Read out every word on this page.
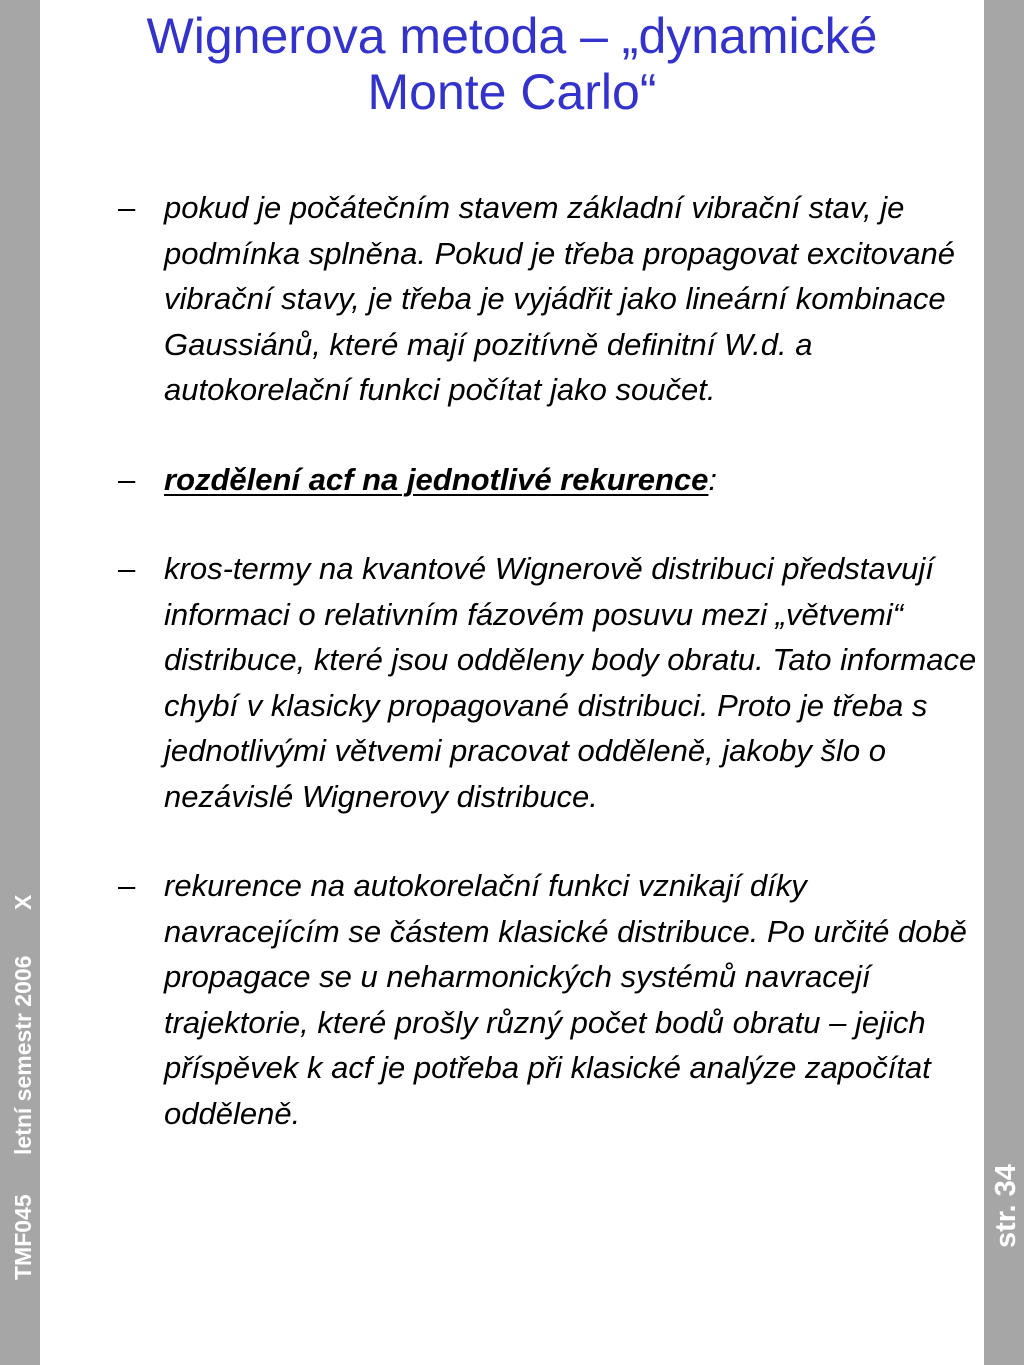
TMF045
letní semestr 2006
X
str. 34
Wignerova metoda – „dynamické
Monte Carlo“
– pokud je počátečním stavem základní vibrační stav, je podmínka splněna. Pokud je třeba propagovat excitované vibrační stavy, je třeba je vyjádřit jako lineární kombinace Gaussiánů, které mají pozitívně definitní W.d. a autokorelační funkci počítat jako součet.
– rozdělení acf na jednotlivé rekurence:
– kros-termy na kvantové Wignerově distribuci představují informaci o relativním fázovém posuvu mezi „větvemi“ distribuce, které jsou odděleny body obratu. Tato informace chybí v klasicky propagované distribuci. Proto je třeba s jednotlivými větvemi pracovat odděleně, jakoby šlo o nezávislé Wignerovy distribuce.
– rekurence na autokorelační funkci vznikají díky navracejícím se částem klasické distribuce. Po určité době propagace se u neharmonických systémů navracejí trajektorie, které prošly různý počet bodů obratu – jejich příspěvek k acf je potřeba při klasické analýze započítat odděleně.
